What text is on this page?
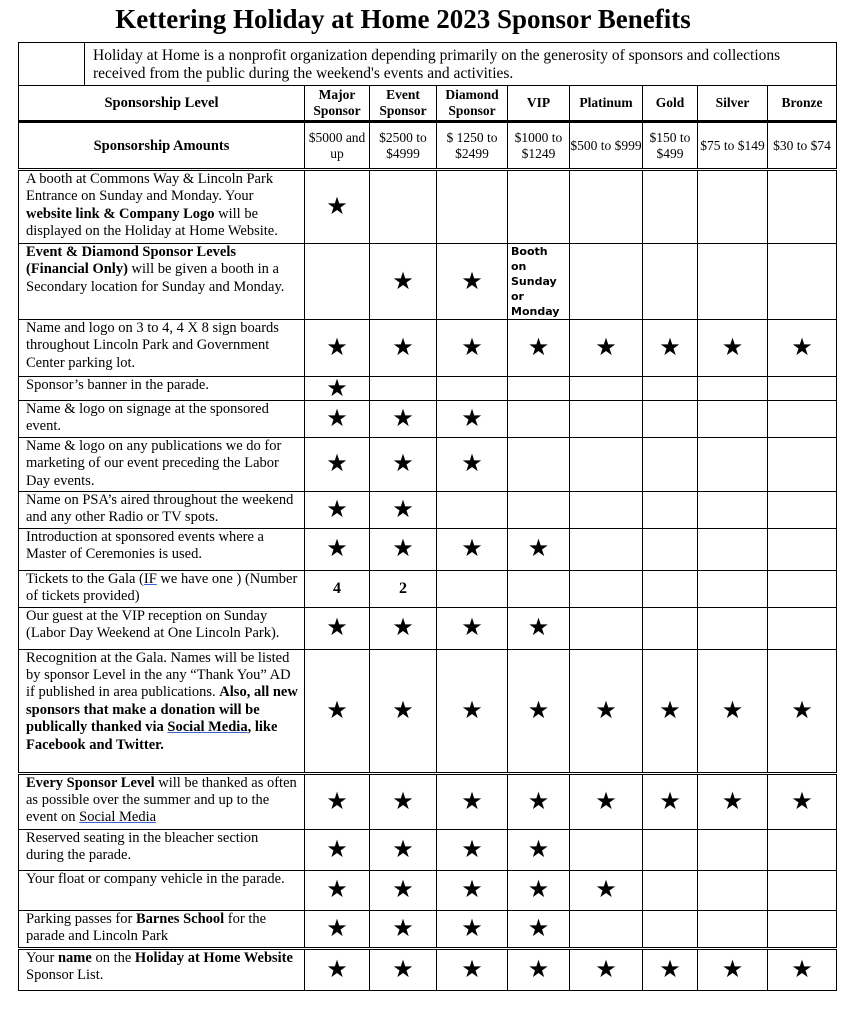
Kettering Holiday at Home 2023 Sponsor Benefits
	Holiday at Home is a nonprofit organization depending primarily on the generosity of sponsors and collections received from the public during the weekend's events and activities.								
Sponsorship Level		Major Sponsor	Event Sponsor	Diamond Sponsor	VIP	Platinum	Gold	Silver	Bronze
Sponsorship Amounts		$5000 and up	$2500 to $4999	$ 1250 to $2499	$1000 to $1249	$500 to $999	$150 to $499	$75 to $149	$30 to $74
A booth at Commons Way & Lincoln Park Entrance on Sunday and Monday. Your website link & Company Logo will be displayed on the Holiday at Home Website.		★							
Event & Diamond Sponsor Levels (Financial Only) will be given a booth in a Secondary location for Sunday and Monday.			★	★	Booth on Sunday or Monday				
Name and logo on 3 to 4, 4 X 8 sign boards throughout Lincoln Park and Government Center parking lot.		★	★	★	★	★	★	★	★
Sponsor’s banner in the parade.		★							
Name & logo on signage at the sponsored event.		★	★	★					
Name & logo on any publications we do for marketing of our event preceding the Labor Day events.		★	★	★					
Name on PSA’s aired throughout the weekend and any other Radio or TV spots.		★	★						
Introduction at sponsored events where a Master of Ceremonies is used.		★	★	★	★				
Tickets to the Gala (IF we have one ) (Number of tickets provided)		4	2						
Our guest at the VIP reception on Sunday (Labor Day Weekend at One Lincoln Park).		★	★	★	★				
Recognition at the Gala. Names will be listed by sponsor Level in the any “Thank You” AD if published in area publications. Also, all new sponsors that make a donation will be publically thanked via Social Media, like Facebook and Twitter.		★	★	★	★	★	★	★	★
Every Sponsor Level will be thanked as often as possible over the summer and up to the event on Social Media		★	★	★	★	★	★	★	★
Reserved seating in the bleacher section during the parade.		★	★	★	★				
Your float or company vehicle in the parade.		★	★	★	★	★			
Parking passes for Barnes School for the parade and Lincoln Park		★	★	★	★				
Your name on the Holiday at Home Website Sponsor List.		★	★	★	★	★	★	★	★
